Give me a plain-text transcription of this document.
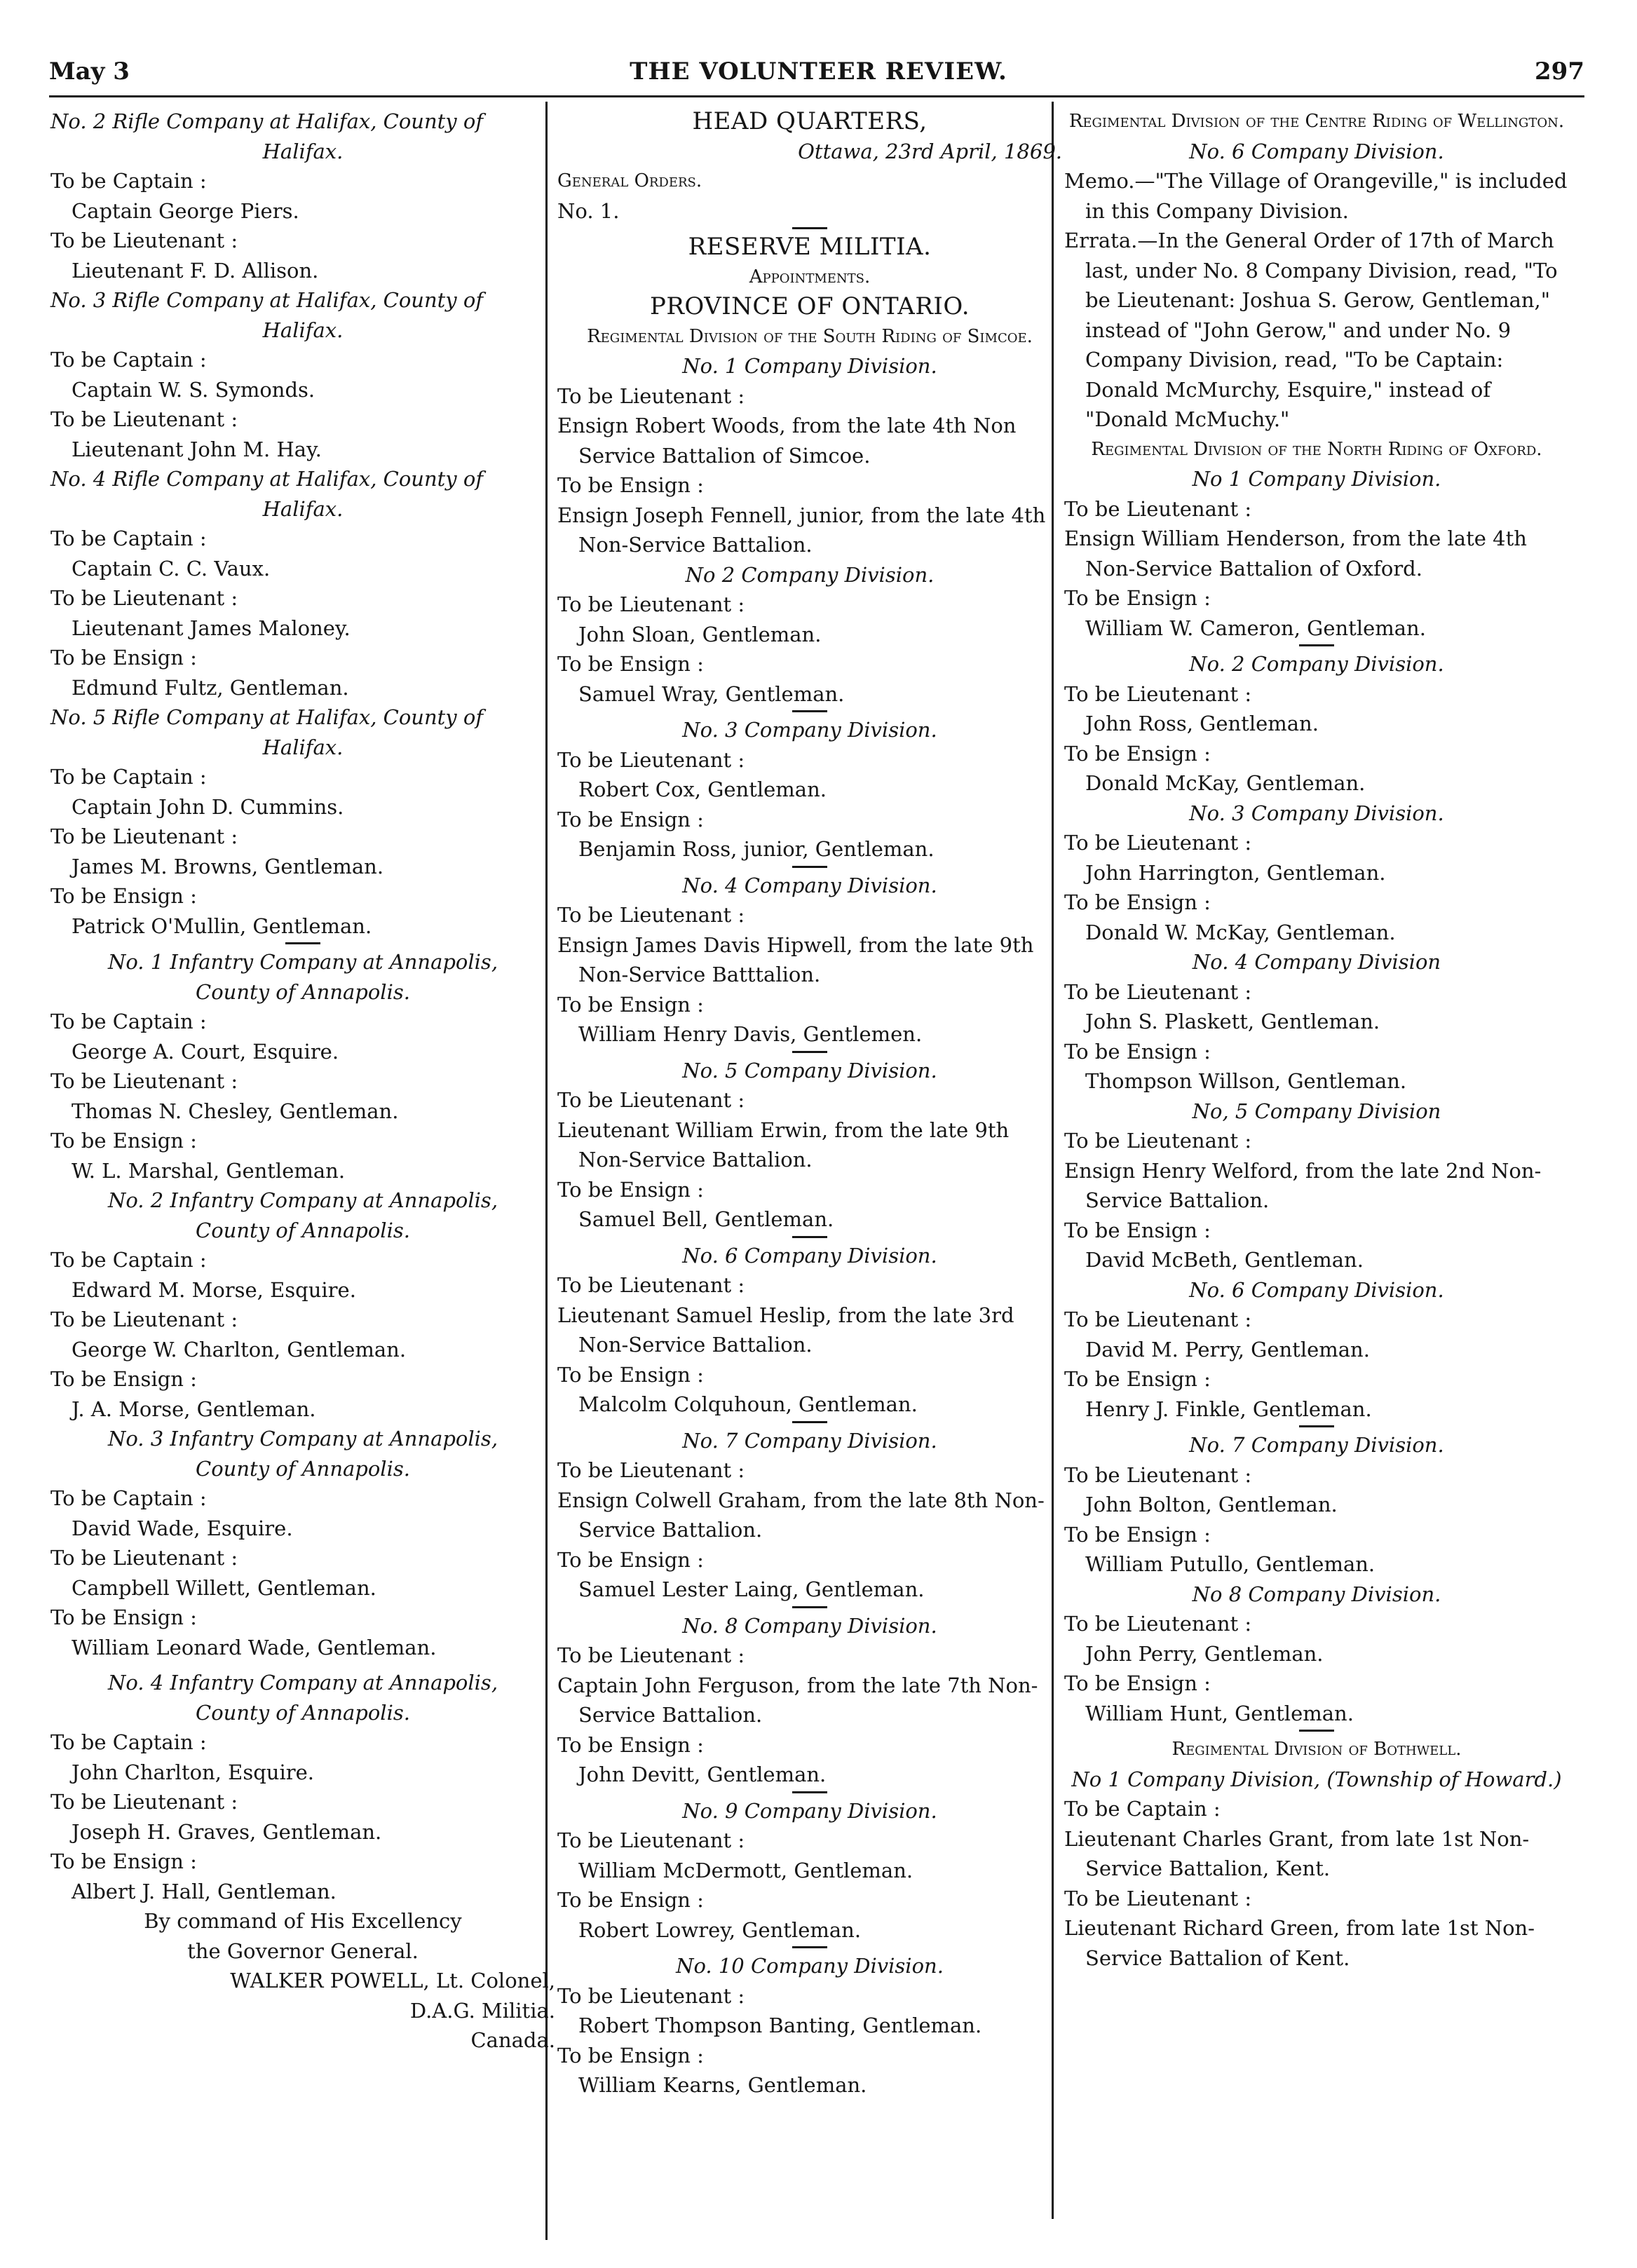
May 3	THE VOLUNTEER REVIEW.	297
No. 2 Rifle Company at Halifax, County of
Halifax.
To be Captain :
Captain George Piers.
To be Lieutenant :
Lieutenant F. D. Allison.
No. 3 Rifle Company at Halifax, County of
Halifax.
To be Captain :
Captain W. S. Symonds.
To be Lieutenant :
Lieutenant John M. Hay.
No. 4 Rifle Company at Halifax, County of
Halifax.
To be Captain :
Captain C. C. Vaux.
To be Lieutenant :
Lieutenant James Maloney.
To be Ensign :
Edmund Fultz, Gentleman.
No. 5 Rifle Company at Halifax, County of
Halifax.
To be Captain :
Captain John D. Cummins.
To be Lieutenant :
James M. Browns, Gentleman.
To be Ensign :
Patrick O'Mullin, Gentleman.
No. 1 Infantry Company at Annapolis,
County of Annapolis.
To be Captain :
George A. Court, Esquire.
To be Lieutenant :
Thomas N. Chesley, Gentleman.
To be Ensign :
W. L. Marshal, Gentleman.
No. 2 Infantry Company at Annapolis,
County of Annapolis.
To be Captain :
Edward M. Morse, Esquire.
To be Lieutenant :
George W. Charlton, Gentleman.
To be Ensign :
J. A. Morse, Gentleman.
No. 3 Infantry Company at Annapolis,
County of Annapolis.
To be Captain :
David Wade, Esquire.
To be Lieutenant :
Campbell Willett, Gentleman.
To be Ensign :
William Leonard Wade, Gentleman.
No. 4 Infantry Company at Annapolis,
County of Annapolis.
To be Captain :
John Charlton, Esquire.
To be Lieutenant :
Joseph H. Graves, Gentleman.
To be Ensign :
Albert J. Hall, Gentleman.
By command of His Excellency
the Governor General.
WALKER POWELL, Lt. Colonel,
D.A.G. Militia.
Canada.
HEAD QUARTERS,
Ottawa, 23rd April, 1869.
General Orders.
No. 1.
RESERVE MILITIA.
Appointments.
PROVINCE OF ONTARIO.
Regimental Division of the South Riding of Simcoe.
No. 1 Company Division.
To be Lieutenant :
Ensign Robert Woods, from the late 4th Non Service Battalion of Simcoe.
To be Ensign :
Ensign Joseph Fennell, junior, from the late 4th Non-Service Battalion.
No 2 Company Division.
To be Lieutenant :
John Sloan, Gentleman.
To be Ensign :
Samuel Wray, Gentleman.
No. 3 Company Division.
To be Lieutenant :
Robert Cox, Gentleman.
To be Ensign :
Benjamin Ross, junior, Gentleman.
No. 4 Company Division.
To be Lieutenant :
Ensign James Davis Hipwell, from the late 9th Non-Service Batttalion.
To be Ensign :
William Henry Davis, Gentlemen.
No. 5 Company Division.
To be Lieutenant :
Lieutenant William Erwin, from the late 9th Non-Service Battalion.
To be Ensign :
Samuel Bell, Gentleman.
No. 6 Company Division.
To be Lieutenant :
Lieutenant Samuel Heslip, from the late 3rd Non-Service Battalion.
To be Ensign :
Malcolm Colquhoun, Gentleman.
No. 7 Company Division.
To be Lieutenant :
Ensign Colwell Graham, from the late 8th Non-Service Battalion.
To be Ensign :
Samuel Lester Laing, Gentleman.
No. 8 Company Division.
To be Lieutenant :
Captain John Ferguson, from the late 7th Non-Service Battalion.
To be Ensign :
John Devitt, Gentleman.
No. 9 Company Division.
To be Lieutenant :
William McDermott, Gentleman.
To be Ensign :
Robert Lowrey, Gentleman.
No. 10 Company Division.
To be Lieutenant :
Robert Thompson Banting, Gentleman.
To be Ensign :
William Kearns, Gentleman.
Regimental Division of the Centre Riding of Wellington.
No. 6 Company Division.
Memo.—"The Village of Orangeville," is included in this Company Division.
Errata.—In the General Order of 17th of March last, under No. 8 Company Division, read, "To be Lieutenant: Joshua S. Gerow, Gentleman," instead of "John Gerow," and under No. 9 Company Division, read, "To be Captain: Donald McMurchy, Esquire," instead of "Donald McMuchy."
Regimental Division of the North Riding of Oxford.
No 1 Company Division.
To be Lieutenant :
Ensign William Henderson, from the late 4th Non-Service Battalion of Oxford.
To be Ensign :
William W. Cameron, Gentleman.
No. 2 Company Division.
To be Lieutenant :
John Ross, Gentleman.
To be Ensign :
Donald McKay, Gentleman.
No. 3 Company Division.
To be Lieutenant :
John Harrington, Gentleman.
To be Ensign :
Donald W. McKay, Gentleman.
No. 4 Company Division
To be Lieutenant :
John S. Plaskett, Gentleman.
To be Ensign :
Thompson Willson, Gentleman.
No, 5 Company Division
To be Lieutenant :
Ensign Henry Welford, from the late 2nd Non-Service Battalion.
To be Ensign :
David McBeth, Gentleman.
No. 6 Company Division.
To be Lieutenant :
David M. Perry, Gentleman.
To be Ensign :
Henry J. Finkle, Gentleman.
No. 7 Company Division.
To be Lieutenant :
John Bolton, Gentleman.
To be Ensign :
William Putullo, Gentleman.
No 8 Company Division.
To be Lieutenant :
John Perry, Gentleman.
To be Ensign :
William Hunt, Gentleman.
Regimental Division of Bothwell.
No 1 Company Division, (Township of Howard.)
To be Captain :
Lieutenant Charles Grant, from late 1st Non-Service Battalion, Kent.
To be Lieutenant :
Lieutenant Richard Green, from late 1st Non-Service Battalion of Kent.
